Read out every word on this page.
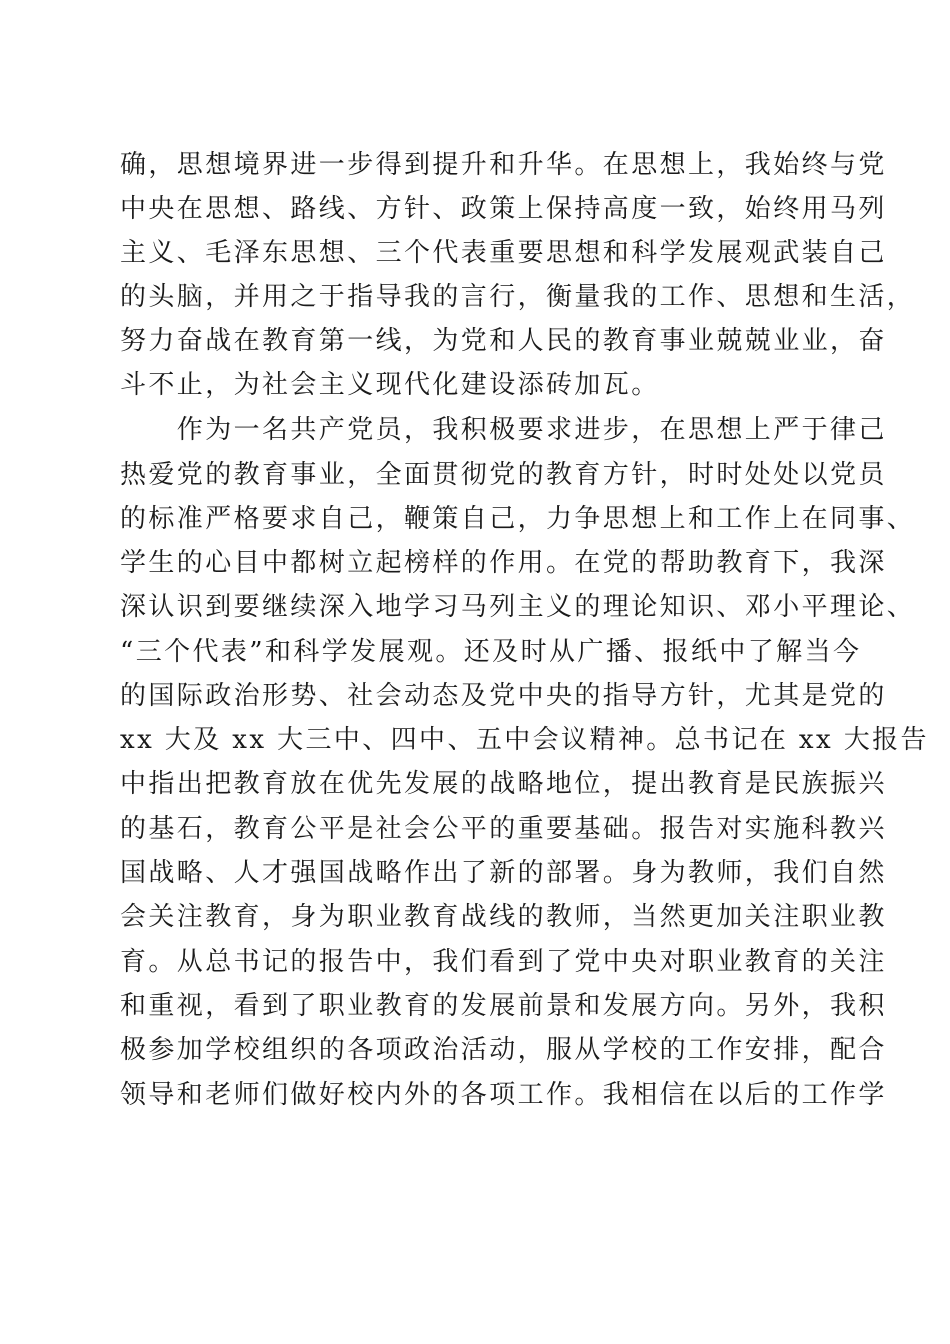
确，思想境界进一步得到提升和升华。在思想上，我始终与党
中央在思想、路线、方针、政策上保持高度一致，始终用马列
主义、毛泽东思想、三个代表重要思想和科学发展观武装自己
的头脑，并用之于指导我的言行，衡量我的工作、思想和生活，
努力奋战在教育第一线，为党和人民的教育事业兢兢业业，奋
斗不止，为社会主义现代化建设添砖加瓦。
　　作为一名共产党员，我积极要求进步，在思想上严于律己
热爱党的教育事业，全面贯彻党的教育方针，时时处处以党员
的标准严格要求自己，鞭策自己，力争思想上和工作上在同事、
学生的心目中都树立起榜样的作用。在党的帮助教育下，我深
深认识到要继续深入地学习马列主义的理论知识、邓小平理论、
“三个代表”和科学发展观。还及时从广播、报纸中了解当今
的国际政治形势、社会动态及党中央的指导方针，尤其是党的
xx 大及 xx 大三中、四中、五中会议精神。总书记在 xx 大报告
中指出把教育放在优先发展的战略地位，提出教育是民族振兴
的基石，教育公平是社会公平的重要基础。报告对实施科教兴
国战略、人才强国战略作出了新的部署。身为教师，我们自然
会关注教育，身为职业教育战线的教师，当然更加关注职业教
育。从总书记的报告中，我们看到了党中央对职业教育的关注
和重视，看到了职业教育的发展前景和发展方向。另外，我积
极参加学校组织的各项政治活动，服从学校的工作安排，配合
领导和老师们做好校内外的各项工作。我相信在以后的工作学
